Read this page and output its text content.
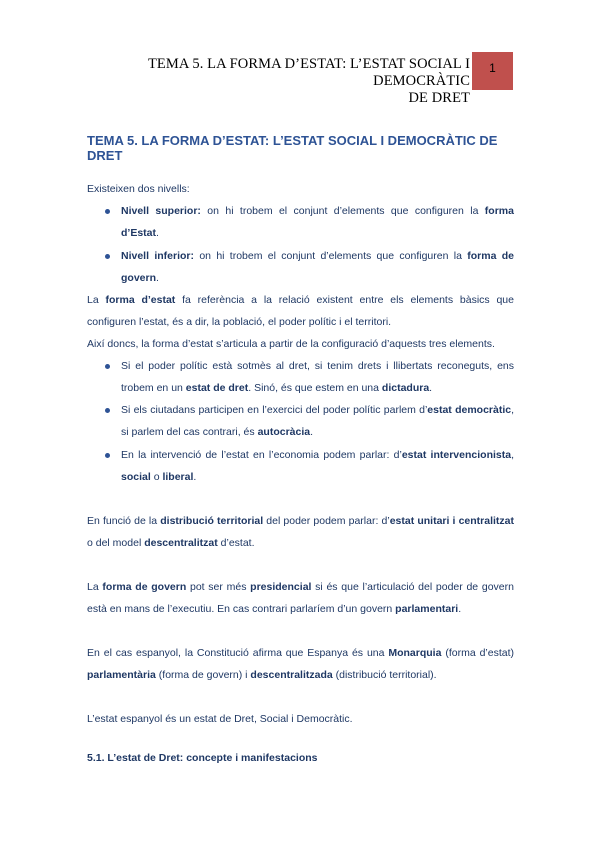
TEMA 5. LA FORMA D’ESTAT: L’ESTAT SOCIAL I DEMOCRÀTIC
DE DRET
1
TEMA 5. LA FORMA D’ESTAT: L’ESTAT SOCIAL I DEMOCRÀTIC DE DRET
Existeixen dos nivells:
Nivell superior: on hi trobem el conjunt d’elements que configuren la forma d’Estat.
Nivell inferior: on hi trobem el conjunt d’elements que configuren la forma de govern.
La forma d’estat fa referència a la relació existent entre els elements bàsics que configuren l’estat, és a dir, la població, el poder polític i el territori.
Així doncs, la forma d’estat s’articula a partir de la configuració d’aquests tres elements.
Si el poder polític està sotmès al dret, si tenim drets i llibertats reconeguts, ens trobem en un estat de dret. Sinó, és que estem en una dictadura.
Si els ciutadans participen en l’exercici del poder polític parlem d’estat democràtic, si parlem del cas contrari, és autocràcia.
En la intervenció de l’estat en l’economia podem parlar: d’estat intervencionista, social o liberal.
En funció de la distribució territorial del poder podem parlar: d’estat unitari i centralitzat o del model descentralitzat d’estat.
La forma de govern pot ser més presidencial si és que l’articulació del poder de govern està en mans de l’executiu. En cas contrari parlaríem d’un govern parlamentari.
En el cas espanyol, la Constitució afirma que Espanya és una Monarquia (forma d’estat) parlamentària (forma de govern) i descentralitzada (distribució territorial).
L’estat espanyol és un estat de Dret, Social i Democràtic.
5.1. L’estat de Dret: concepte i manifestacions
